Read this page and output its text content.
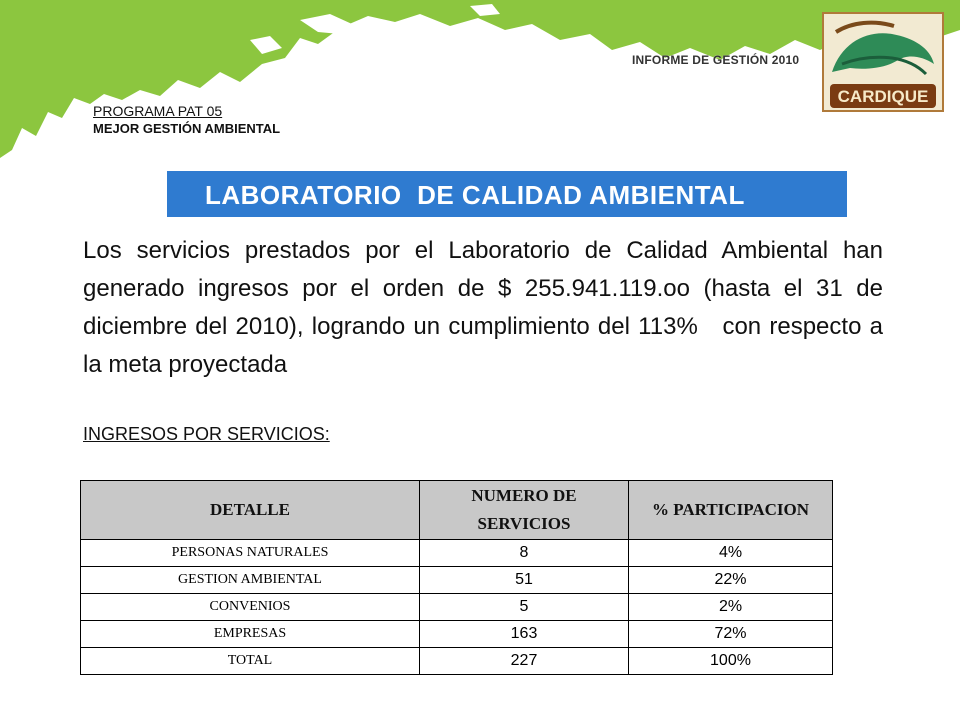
INFORME DE GESTIÓN 2010
CARDIQUE
PROGRAMA PAT 05
MEJOR GESTIÓN AMBIENTAL
LABORATORIO  DE CALIDAD AMBIENTAL
Los servicios prestados por el Laboratorio de Calidad Ambiental han generado ingresos por el orden de $ 255.941.119.oo (hasta el 31 de diciembre del 2010), logrando un cumplimiento del 113%   con respecto a la meta proyectada
INGRESOS POR SERVICIOS:
DETALLE	NUMERO DE SERVICIOS	% PARTICIPACION
PERSONAS NATURALES	8	4%
GESTION AMBIENTAL	51	22%
CONVENIOS	5	2%
EMPRESAS	163	72%
TOTAL	227	100%
